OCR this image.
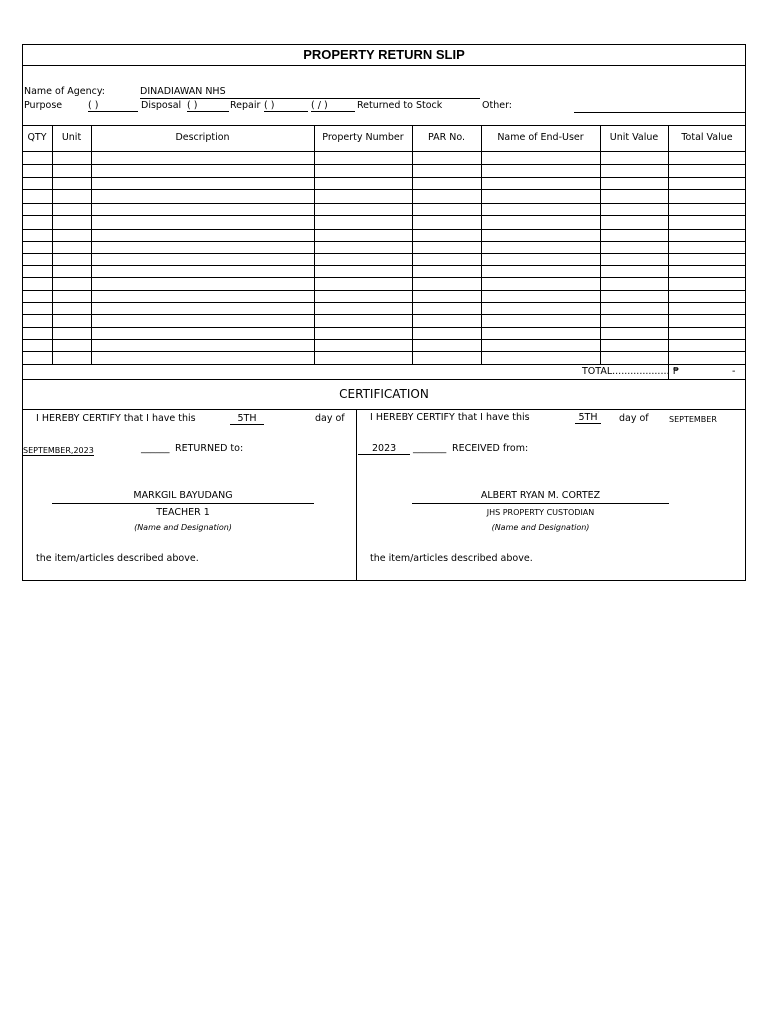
PROPERTY RETURN SLIP
Name of Agency:	DINADIAWAN NHS
Purpose	( )	Disposal ( )	Repair ( )	( / )	Returned to Stock	Other:
QTY	Unit	Description	Property Number	PAR No.	Name of End-User	Unit Value	Total Value
TOTAL................... ₱	-
CERTIFICATION
I HEREBY CERTIFY that I have this	5TH	day of
SEPTEMBER,2023	______ RETURNED to:
MARKGIL BAYUDANG
TEACHER 1
(Name and Designation)
the item/articles described above.
I HEREBY CERTIFY that I have this	5TH	day of	SEPTEMBER
2023	_______ RECEIVED from:
ALBERT RYAN M. CORTEZ
JHS PROPERTY CUSTODIAN
(Name and Designation)
the item/articles described above.
